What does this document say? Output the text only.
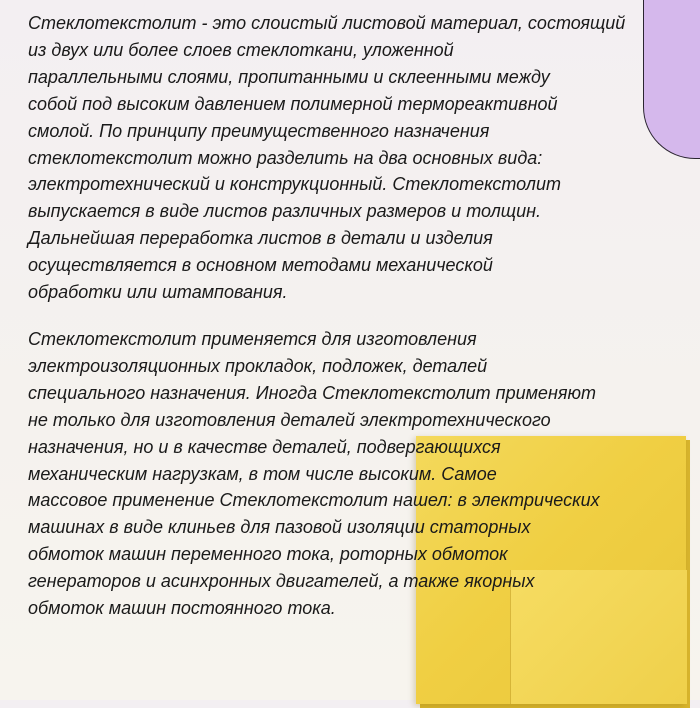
Стеклотекстолит - это слоистый листовой материал, состоящий
из двух или более слоев стеклоткани, уложенной
параллельными слоями, пропитанными и склеенными между
собой под высоким давлением полимерной термореактивной
смолой. По принципу преимущественного назначения
стеклотекстолит можно разделить на два основных вида:
электротехнический и конструкционный. Стеклотекстолит
выпускается в виде листов различных размеров и толщин.
Дальнейшая переработка листов в детали и изделия
осуществляется в основном методами механической
обработки или штампования.

Стеклотекстолит применяется для изготовления
электроизоляционных прокладок, подложек, деталей
специального назначения. Иногда Стеклотекстолит применяют
не только для изготовления деталей электротехнического
назначения, но и в качестве деталей, подвергающихся
механическим нагрузкам, в том числе высоким. Самое
массовое применение Стеклотекстолит нашел: в электрических
машинах в виде клиньев для пазовой изоляции статорных
обмоток машин переменного тока, роторных обмоток
генераторов и асинхронных двигателей, а также якорных
обмоток машин постоянного тока.
